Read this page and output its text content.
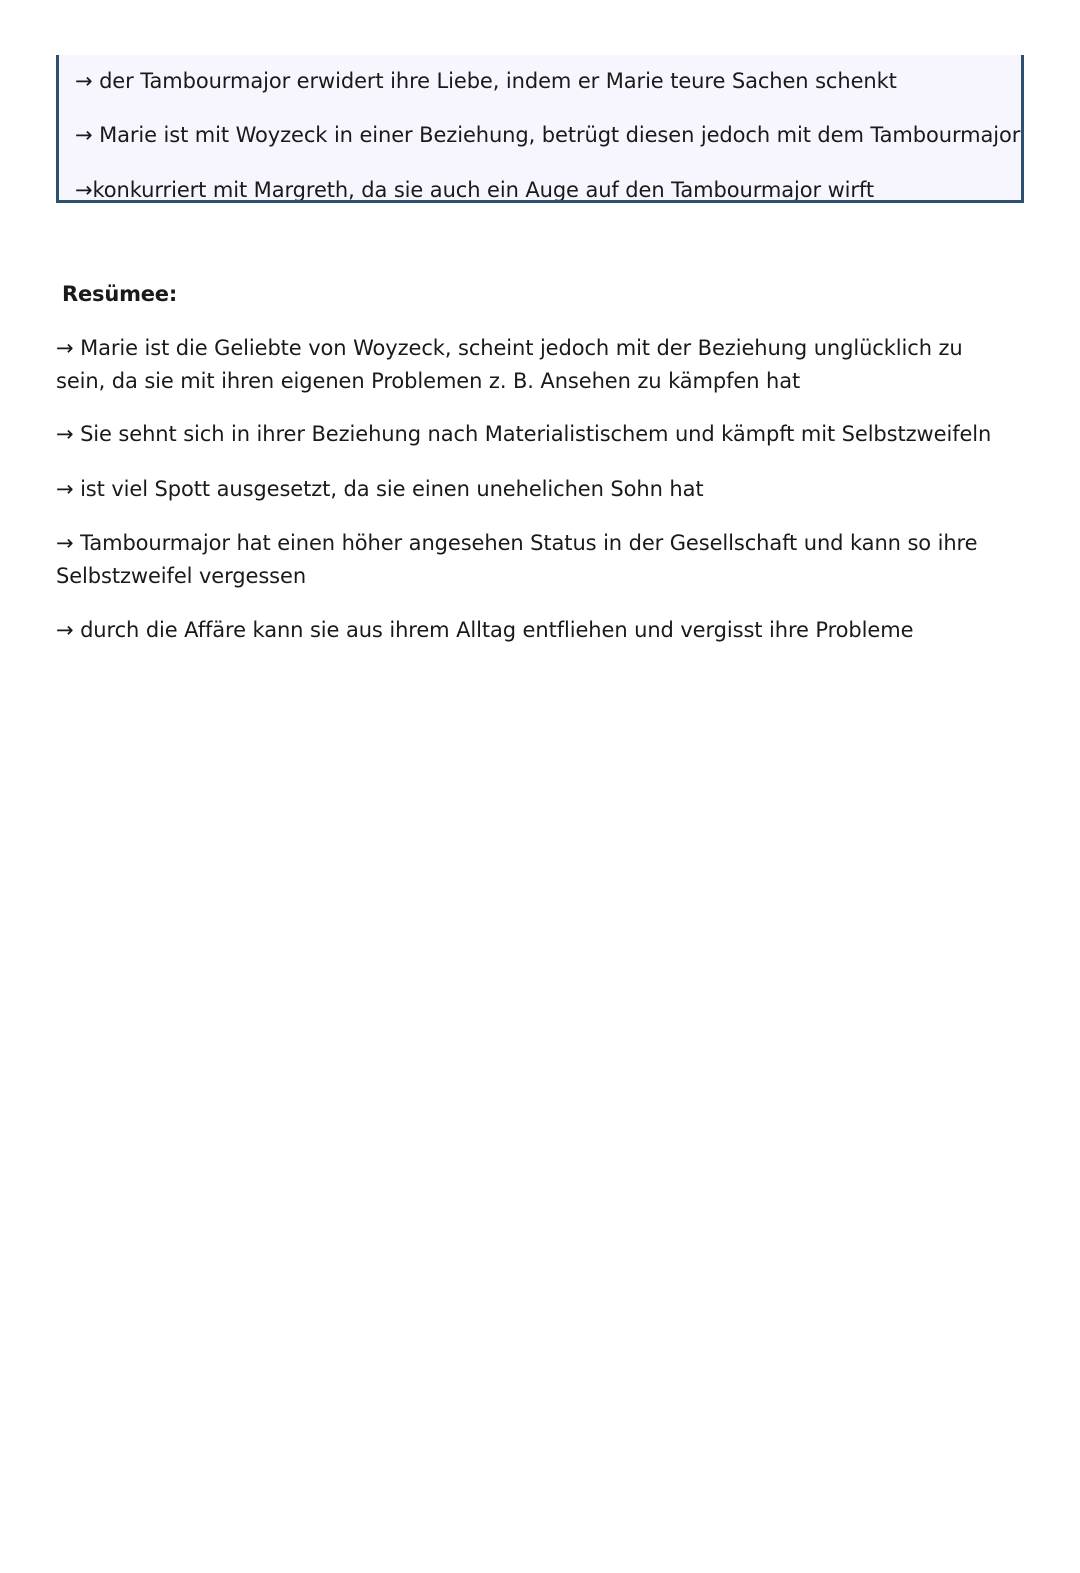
→ der Tambourmajor erwidert ihre Liebe, indem er Marie teure Sachen schenkt
→ Marie ist mit Woyzeck in einer Beziehung, betrügt diesen jedoch mit dem Tambourmajor
→konkurriert mit Margreth, da sie auch ein Auge auf den Tambourmajor wirft
Resümee:
→ Marie ist die Geliebte von Woyzeck, scheint jedoch mit der Beziehung unglücklich zu sein, da sie mit ihren eigenen Problemen z. B. Ansehen zu kämpfen hat
→ Sie sehnt sich in ihrer Beziehung nach Materialistischem und kämpft mit Selbstzweifeln
→ ist viel Spott ausgesetzt, da sie einen unehelichen Sohn hat
→ Tambourmajor hat einen höher angesehen Status in der Gesellschaft und kann so ihre Selbstzweifel vergessen
→ durch die Affäre kann sie aus ihrem Alltag entfliehen und vergisst ihre Probleme
